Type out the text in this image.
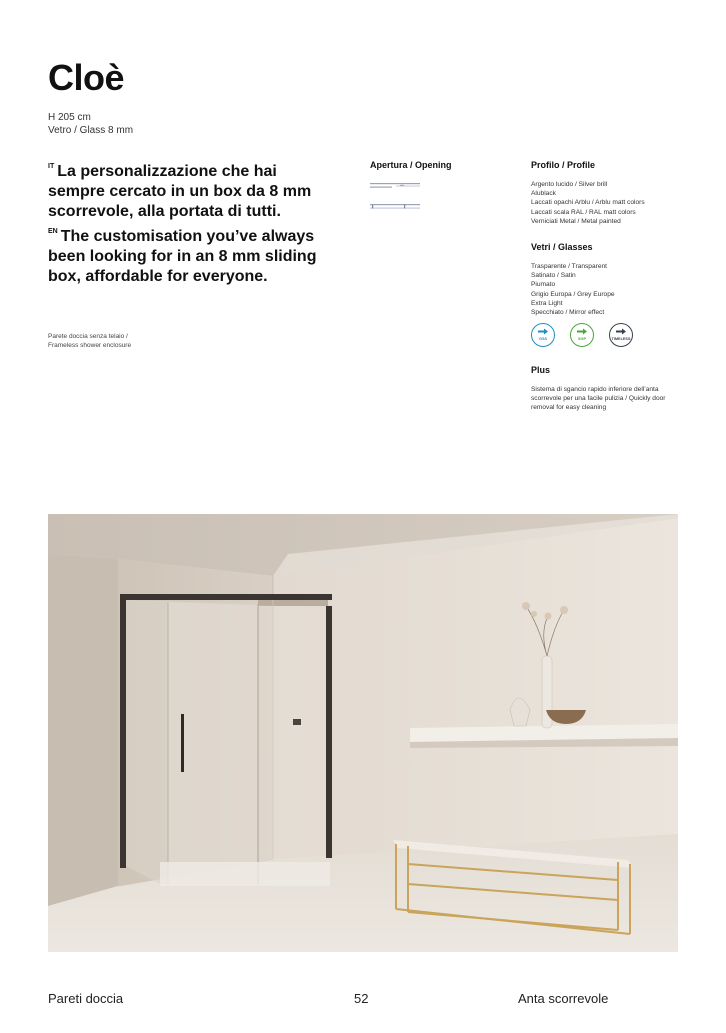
Cloè
H 205 cm
Vetro / Glass 8 mm

$^{IT}$ La personalizzazione che hai sempre cercato in un box da 8 mm scorrevole, alla portata di tutti.

$^{EN}$ The customisation you’ve always been looking for in an 8 mm sliding box, affordable for everyone.

Parete doccia senza telaio /
Frameless shower enclosure
Apertura / Opening	Profilo / Profile
Argento lucido / Silver brill
Alublack
Laccati opachi Arblu / Arblu matt colors
Laccati scala RAL / RAL matt colors
Verniciati Metal / Metal painted
Vetri / Glasses
Trasparente / Transparent
Satinato / Satin
Piumato
Grigio Europa / Grey Europe
Extra Light
Specchiato / Mirror effect
GSS	SGP	TIMELESS
Plus
Sistema di sgancio rapido inferiore dell’anta scorrevole per una facile pulizia / Quickly door removal for easy cleaning
Pareti doccia	52	Anta scorrevole
